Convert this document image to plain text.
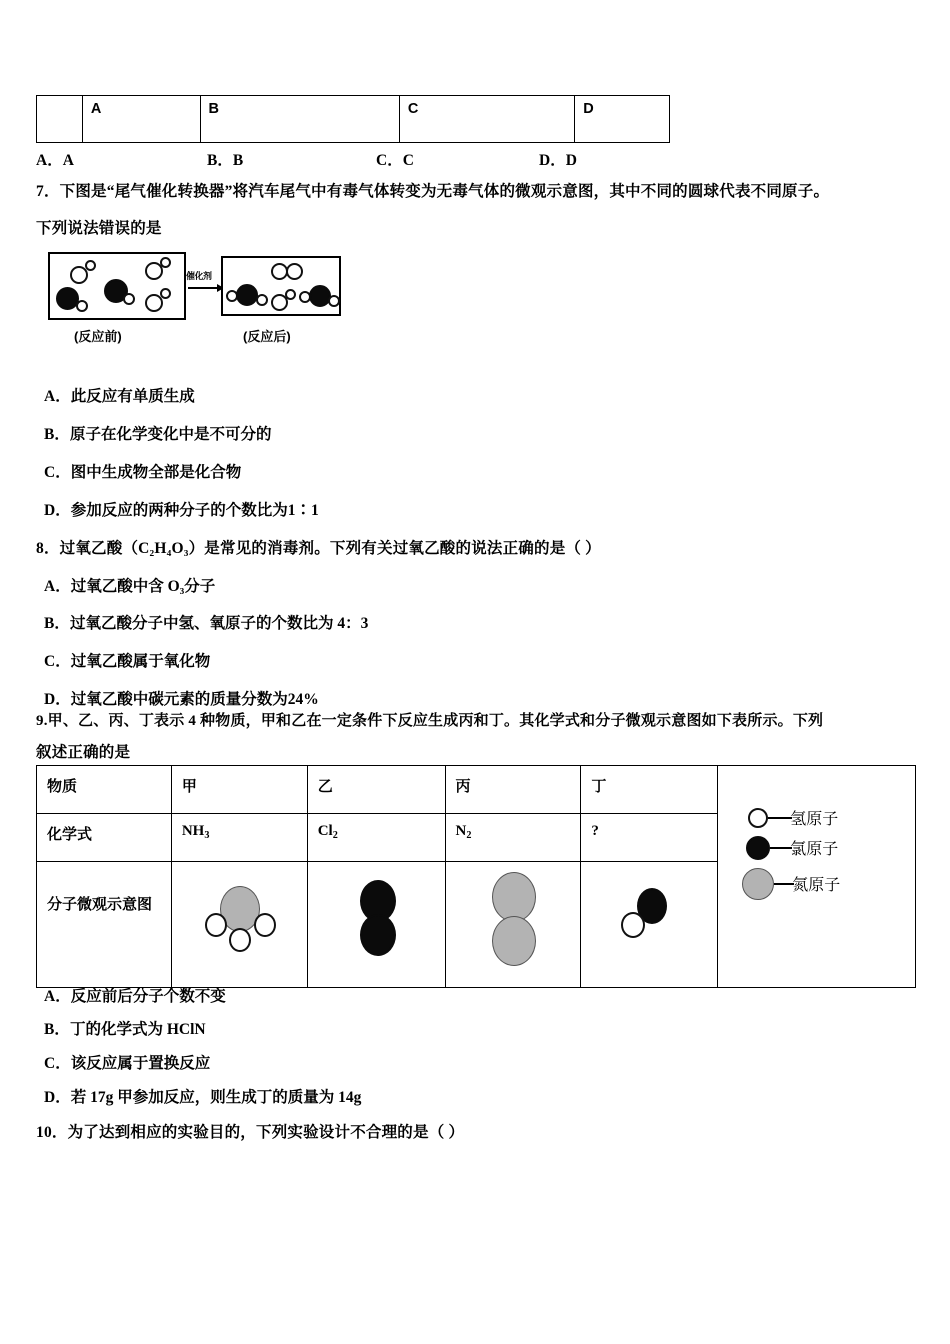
A	B	C	D
A．A	B．B	C．C	D．D
7．下图是“尾气催化转换器”将汽车尾气中有毒气体转变为无毒气体的微观示意图，其中不同的圆球代表不同原子。
下列说法错误的是
催化剂
(反应前)	(反应后)
A．此反应有单质生成
B．原子在化学变化中是不可分的
C．图中生成物全部是化合物
D．参加反应的两种分子的个数比为1∶1
8．过氧乙酸（C₂H₄O₃）是常见的消毒剂。下列有关过氧乙酸的说法正确的是（ ）
A．过氧乙酸中含 O₃分子
B．过氧乙酸分子中氢、氧原子的个数比为 4：3
C．过氧乙酸属于氧化物
D．过氧乙酸中碳元素的质量分数为24%
9.甲、乙、丙、丁表示 4 种物质，甲和乙在一定条件下反应生成丙和丁。其化学式和分子微观示意图如下表所示。下列
叙述正确的是
物质	甲	乙	丙	丁	氢原子
氯原子
氮原子

化学式	$NH_3$	$Cl_2$	$N_2$	?	

分子微观示意图					

A．反应前后分子个数不变
B．丁的化学式为 HClN
C．该反应属于置换反应
D．若 17g 甲参加反应，则生成丁的质量为 14g
10．为了达到相应的实验目的，下列实验设计不合理的是（ ）
